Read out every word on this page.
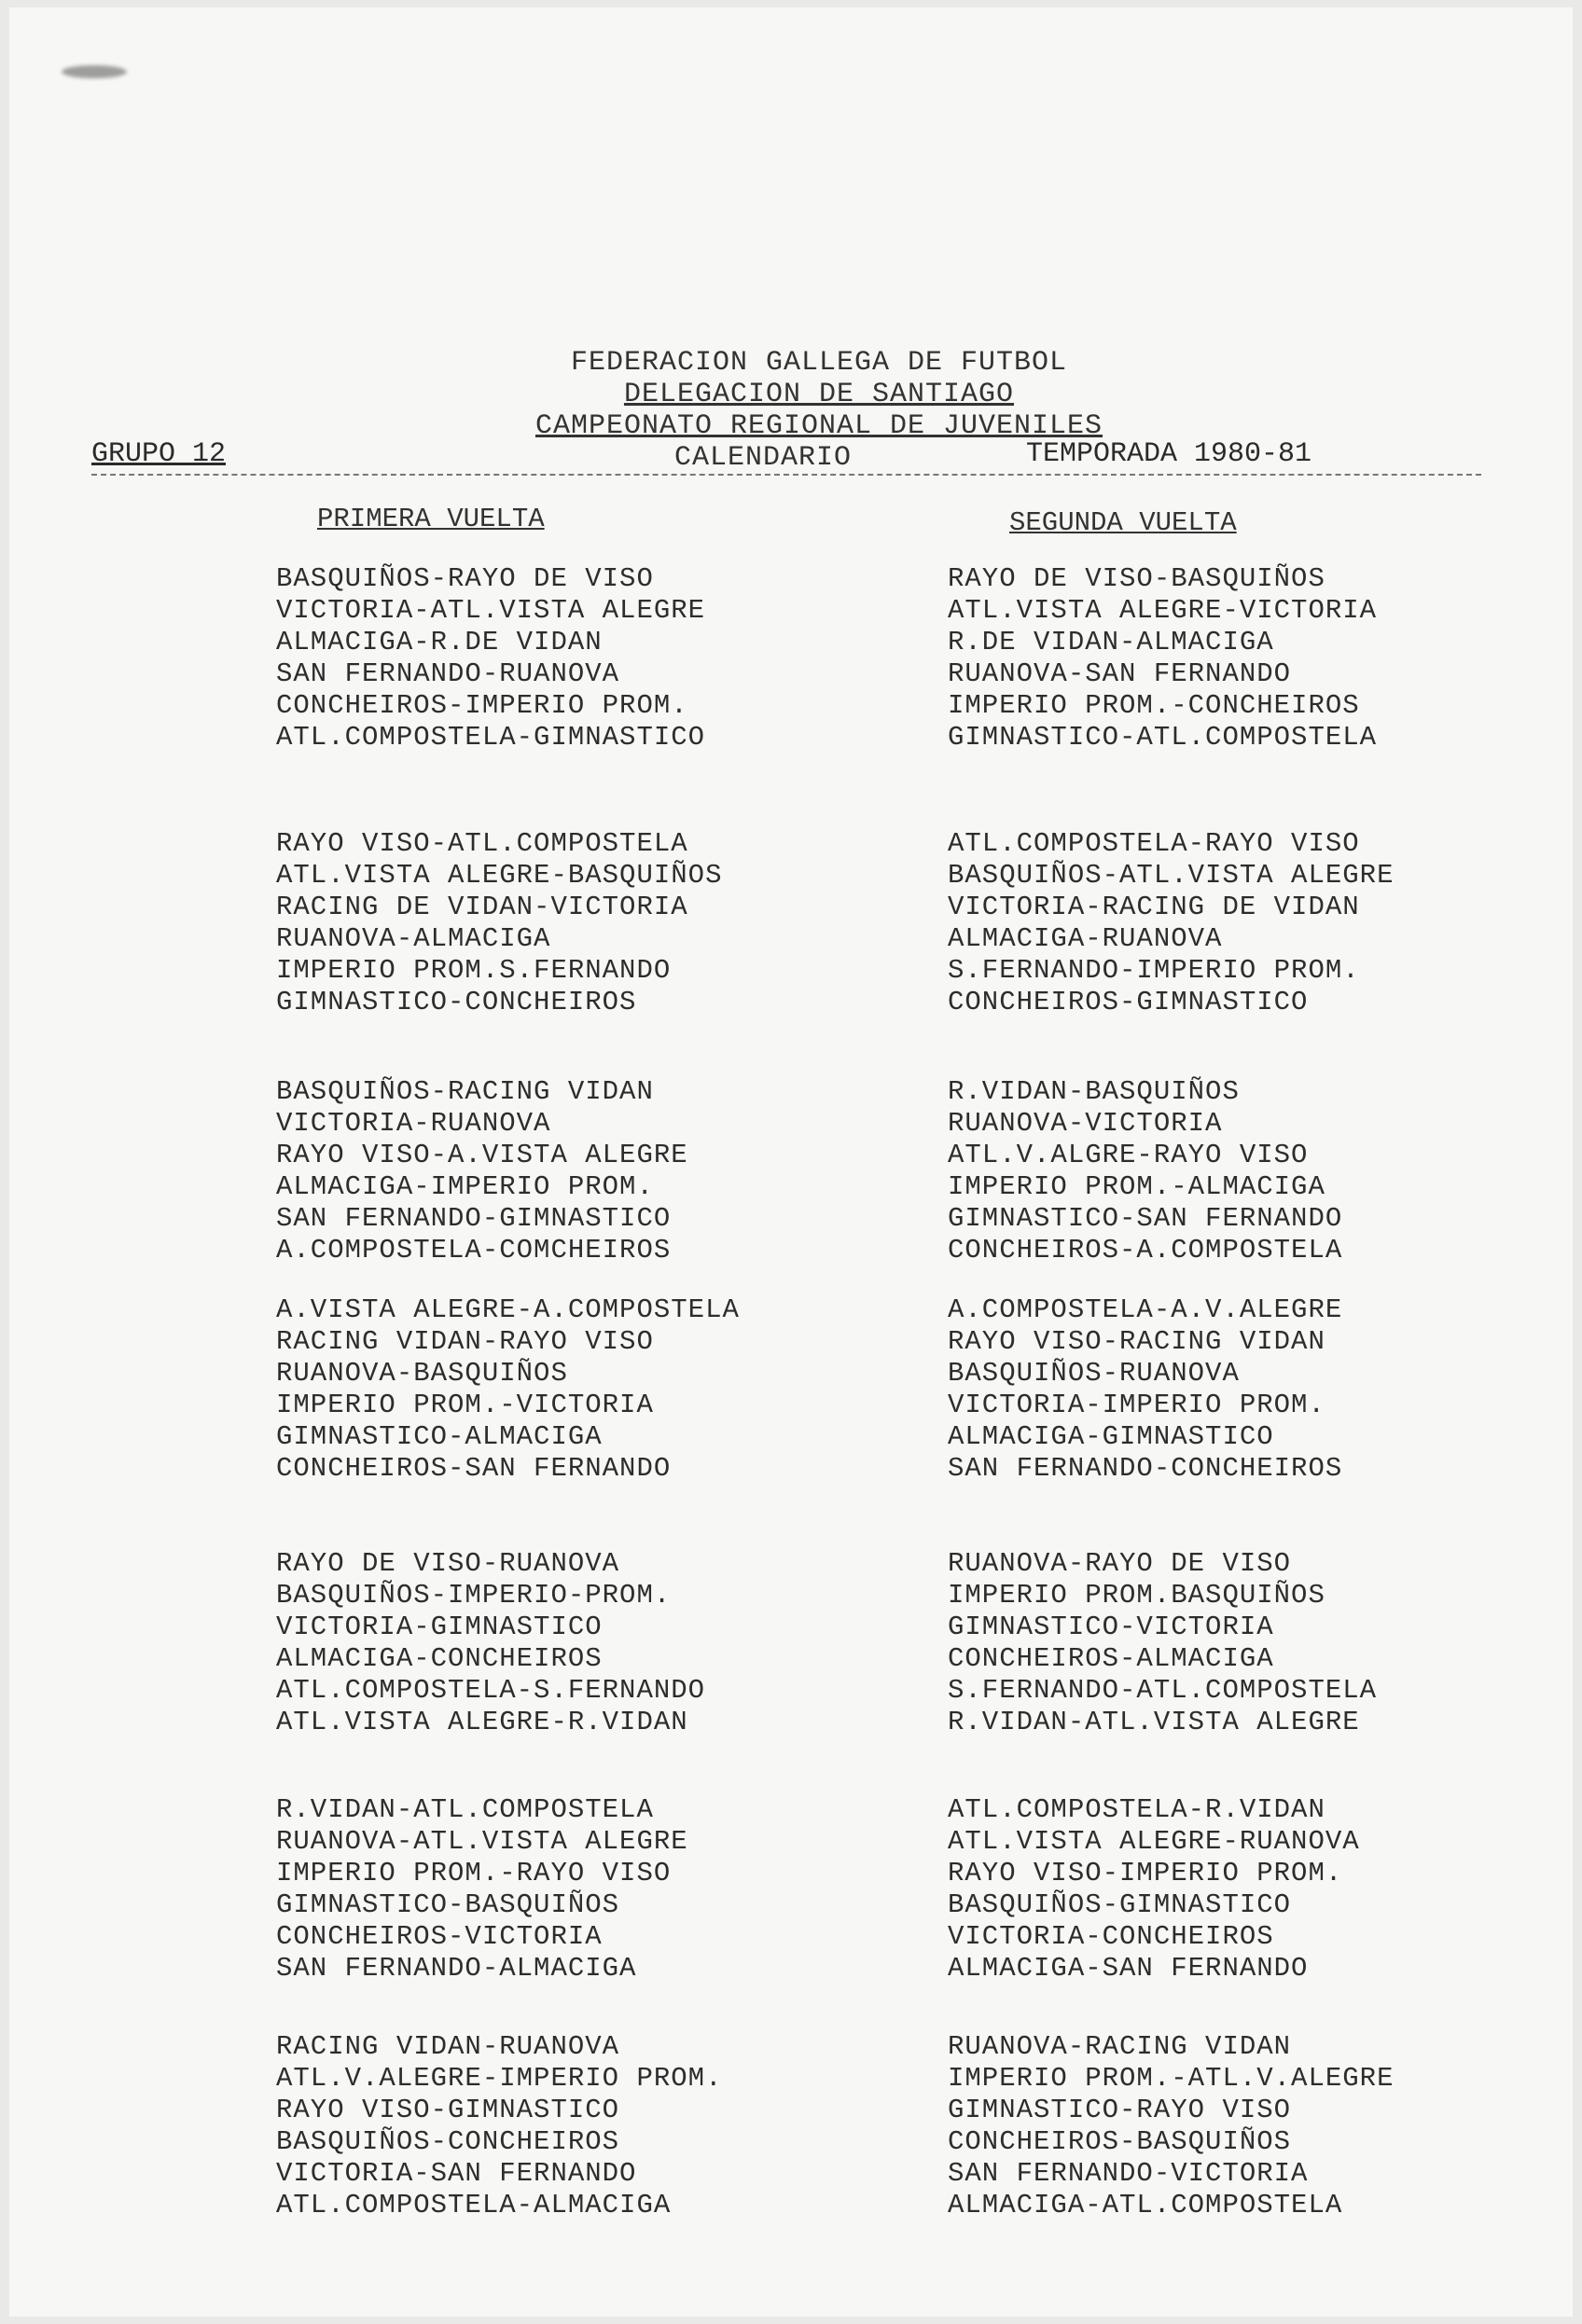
FEDERACION GALLEGA DE FUTBOL
DELEGACION DE SANTIAGO
CAMPEONATO REGIONAL DE JUVENILES
CALENDARIO
GRUPO 12	TEMPORADA 1980-81
PRIMERA VUELTA	SEGUNDA VUELTA
BASQUIÑOS-RAYO DE VISO
VICTORIA-ATL.VISTA ALEGRE
ALMACIGA-R.DE VIDAN
SAN FERNANDO-RUANOVA
CONCHEIROS-IMPERIO PROM.
ATL.COMPOSTELA-GIMNASTICO
RAYO VISO-ATL.COMPOSTELA
ATL.VISTA ALEGRE-BASQUIÑOS
RACING DE VIDAN-VICTORIA
RUANOVA-ALMACIGA
IMPERIO PROM.S.FERNANDO
GIMNASTICO-CONCHEIROS
BASQUIÑOS-RACING VIDAN
VICTORIA-RUANOVA
RAYO VISO-A.VISTA ALEGRE
ALMACIGA-IMPERIO PROM.
SAN FERNANDO-GIMNASTICO
A.COMPOSTELA-COMCHEIROS
A.VISTA ALEGRE-A.COMPOSTELA
RACING VIDAN-RAYO VISO
RUANOVA-BASQUIÑOS
IMPERIO PROM.-VICTORIA
GIMNASTICO-ALMACIGA
CONCHEIROS-SAN FERNANDO
RAYO DE VISO-RUANOVA
BASQUIÑOS-IMPERIO-PROM.
VICTORIA-GIMNASTICO
ALMACIGA-CONCHEIROS
ATL.COMPOSTELA-S.FERNANDO
ATL.VISTA ALEGRE-R.VIDAN
R.VIDAN-ATL.COMPOSTELA
RUANOVA-ATL.VISTA ALEGRE
IMPERIO PROM.-RAYO VISO
GIMNASTICO-BASQUIÑOS
CONCHEIROS-VICTORIA
SAN FERNANDO-ALMACIGA
RACING VIDAN-RUANOVA
ATL.V.ALEGRE-IMPERIO PROM.
RAYO VISO-GIMNASTICO
BASQUIÑOS-CONCHEIROS
VICTORIA-SAN FERNANDO
ATL.COMPOSTELA-ALMACIGA
RAYO DE VISO-BASQUIÑOS
ATL.VISTA ALEGRE-VICTORIA
R.DE VIDAN-ALMACIGA
RUANOVA-SAN FERNANDO
IMPERIO PROM.-CONCHEIROS
GIMNASTICO-ATL.COMPOSTELA
ATL.COMPOSTELA-RAYO VISO
BASQUIÑOS-ATL.VISTA ALEGRE
VICTORIA-RACING DE VIDAN
ALMACIGA-RUANOVA
S.FERNANDO-IMPERIO PROM.
CONCHEIROS-GIMNASTICO
R.VIDAN-BASQUIÑOS
RUANOVA-VICTORIA
ATL.V.ALGRE-RAYO VISO
IMPERIO PROM.-ALMACIGA
GIMNASTICO-SAN FERNANDO
CONCHEIROS-A.COMPOSTELA
A.COMPOSTELA-A.V.ALEGRE
RAYO VISO-RACING VIDAN
BASQUIÑOS-RUANOVA
VICTORIA-IMPERIO PROM.
ALMACIGA-GIMNASTICO
SAN FERNANDO-CONCHEIROS
RUANOVA-RAYO DE VISO
IMPERIO PROM.BASQUIÑOS
GIMNASTICO-VICTORIA
CONCHEIROS-ALMACIGA
S.FERNANDO-ATL.COMPOSTELA
R.VIDAN-ATL.VISTA ALEGRE
ATL.COMPOSTELA-R.VIDAN
ATL.VISTA ALEGRE-RUANOVA
RAYO VISO-IMPERIO PROM.
BASQUIÑOS-GIMNASTICO
VICTORIA-CONCHEIROS
ALMACIGA-SAN FERNANDO
RUANOVA-RACING VIDAN
IMPERIO PROM.-ATL.V.ALEGRE
GIMNASTICO-RAYO VISO
CONCHEIROS-BASQUIÑOS
SAN FERNANDO-VICTORIA
ALMACIGA-ATL.COMPOSTELA
